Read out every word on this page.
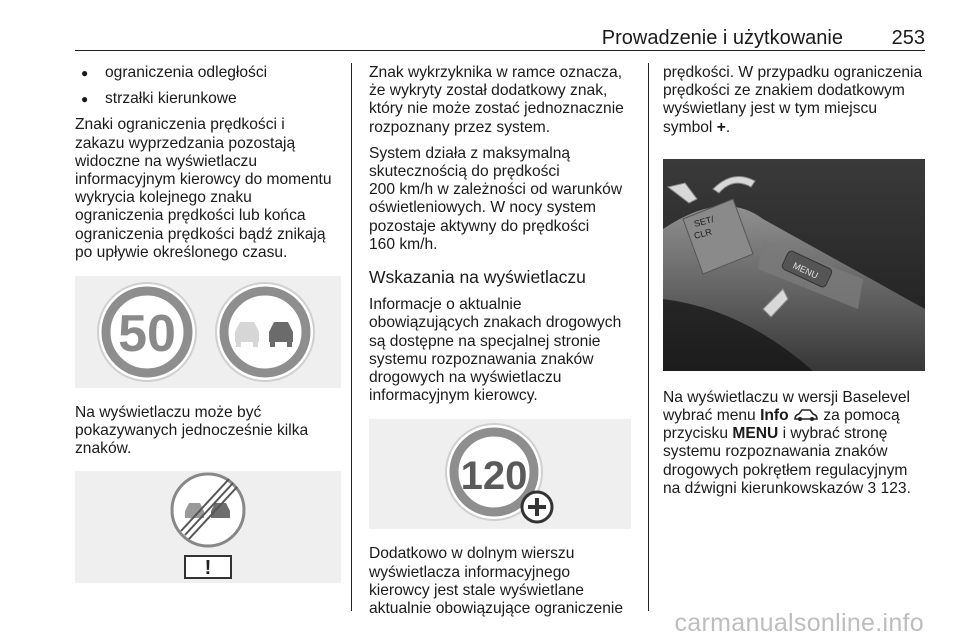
Prowadzenie i użytkowanie 253
● ograniczenia odległości
● strzałki kierunkowe

Znaki ograniczenia prędkości i
zakazu wyprzedzania pozostają
widoczne na wyświetlaczu
informacyjnym kierowcy do momentu
wykrycia kolejnego znaku
ograniczenia prędkości lub końca
ograniczenia prędkości bądź znikają
po upływie określonego czasu.

50

Na wyświetlaczu może być
pokazywanych jednocześnie kilka
znaków.

!

Znak wykrzyknika w ramce oznacza,
że wykryty został dodatkowy znak,
który nie może zostać jednoznacznie
rozpoznany przez system.

System działa z maksymalną
skutecznością do prędkości
200 km/h w zależności od warunków
oświetleniowych. W nocy system
pozostaje aktywny do prędkości
160 km/h.

Wskazania na wyświetlaczu

Informacje o aktualnie
obowiązujących znakach drogowych
są dostępne na specjalnej stronie
systemu rozpoznawania znaków
drogowych na wyświetlaczu
informacyjnym kierowcy.

120

Dodatkowo w dolnym wierszu
wyświetlacza informacyjnego
kierowcy jest stale wyświetlane
aktualnie obowiązujące ograniczenie

prędkości. W przypadku ograniczenia
prędkości ze znakiem dodatkowym
wyświetlany jest w tym miejscu
symbol +.

SET/
CLR
MENU

Na wyświetlaczu w wersji Baselevel
wybrać menu Info  za pomocą
przycisku MENU i wybrać stronę
systemu rozpoznawania znaków
drogowych pokrętłem regulacyjnym
na dźwigni kierunkowskazów 3 123.

carmanualsonline.info
